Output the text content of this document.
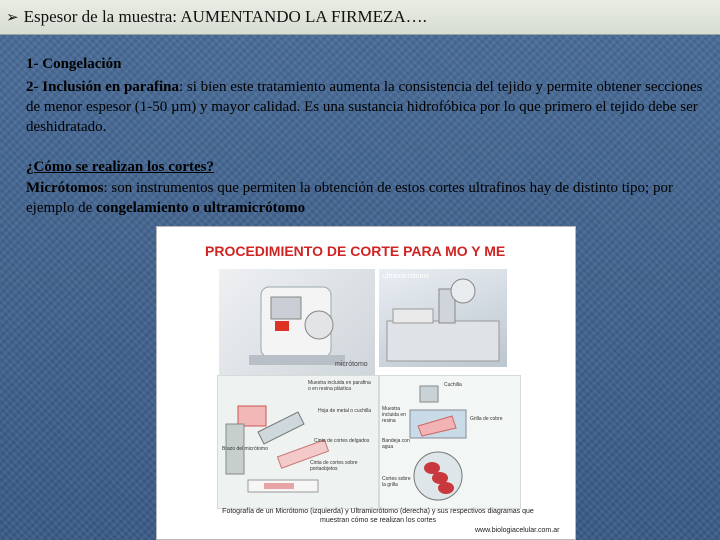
➢ Espesor de la muestra: AUMENTANDO LA FIRMEZA….
1- Congelación
2- Inclusión en parafina: si bien este tratamiento aumenta la consistencia del tejido y permite obtener secciones de menor espesor (1-50 µm) y mayor calidad. Es una sustancia hidrofóbica por lo que primero el tejido debe ser deshidratado.
¿Cómo se realizan los cortes?
Micrótomos: son instrumentos que permiten la obtención de estos cortes ultrafinos hay de distinto tipo; por ejemplo de congelamiento o ultramicrótomo
PROCEDIMIENTO DE CORTE PARA MO Y ME
micrótomo
ultramicrótomo
Muestra incluida en parafina o en resina plástica
Hoja de metal o cuchilla
Brazo del micrótomo
Cinta de cortes delgados
Cinta de cortes sobre portaobjetos
Cuchilla
Muestra incluida en resina	Grilla de cobre
Bandeja con agua
Cortes sobre la grilla
Fotografía de un Micrótomo (izquierda) y Ultramicrótomo (derecha) y sus respectivos diagramas que muestran cómo se realizan los cortes
www.biologiacelular.com.ar
